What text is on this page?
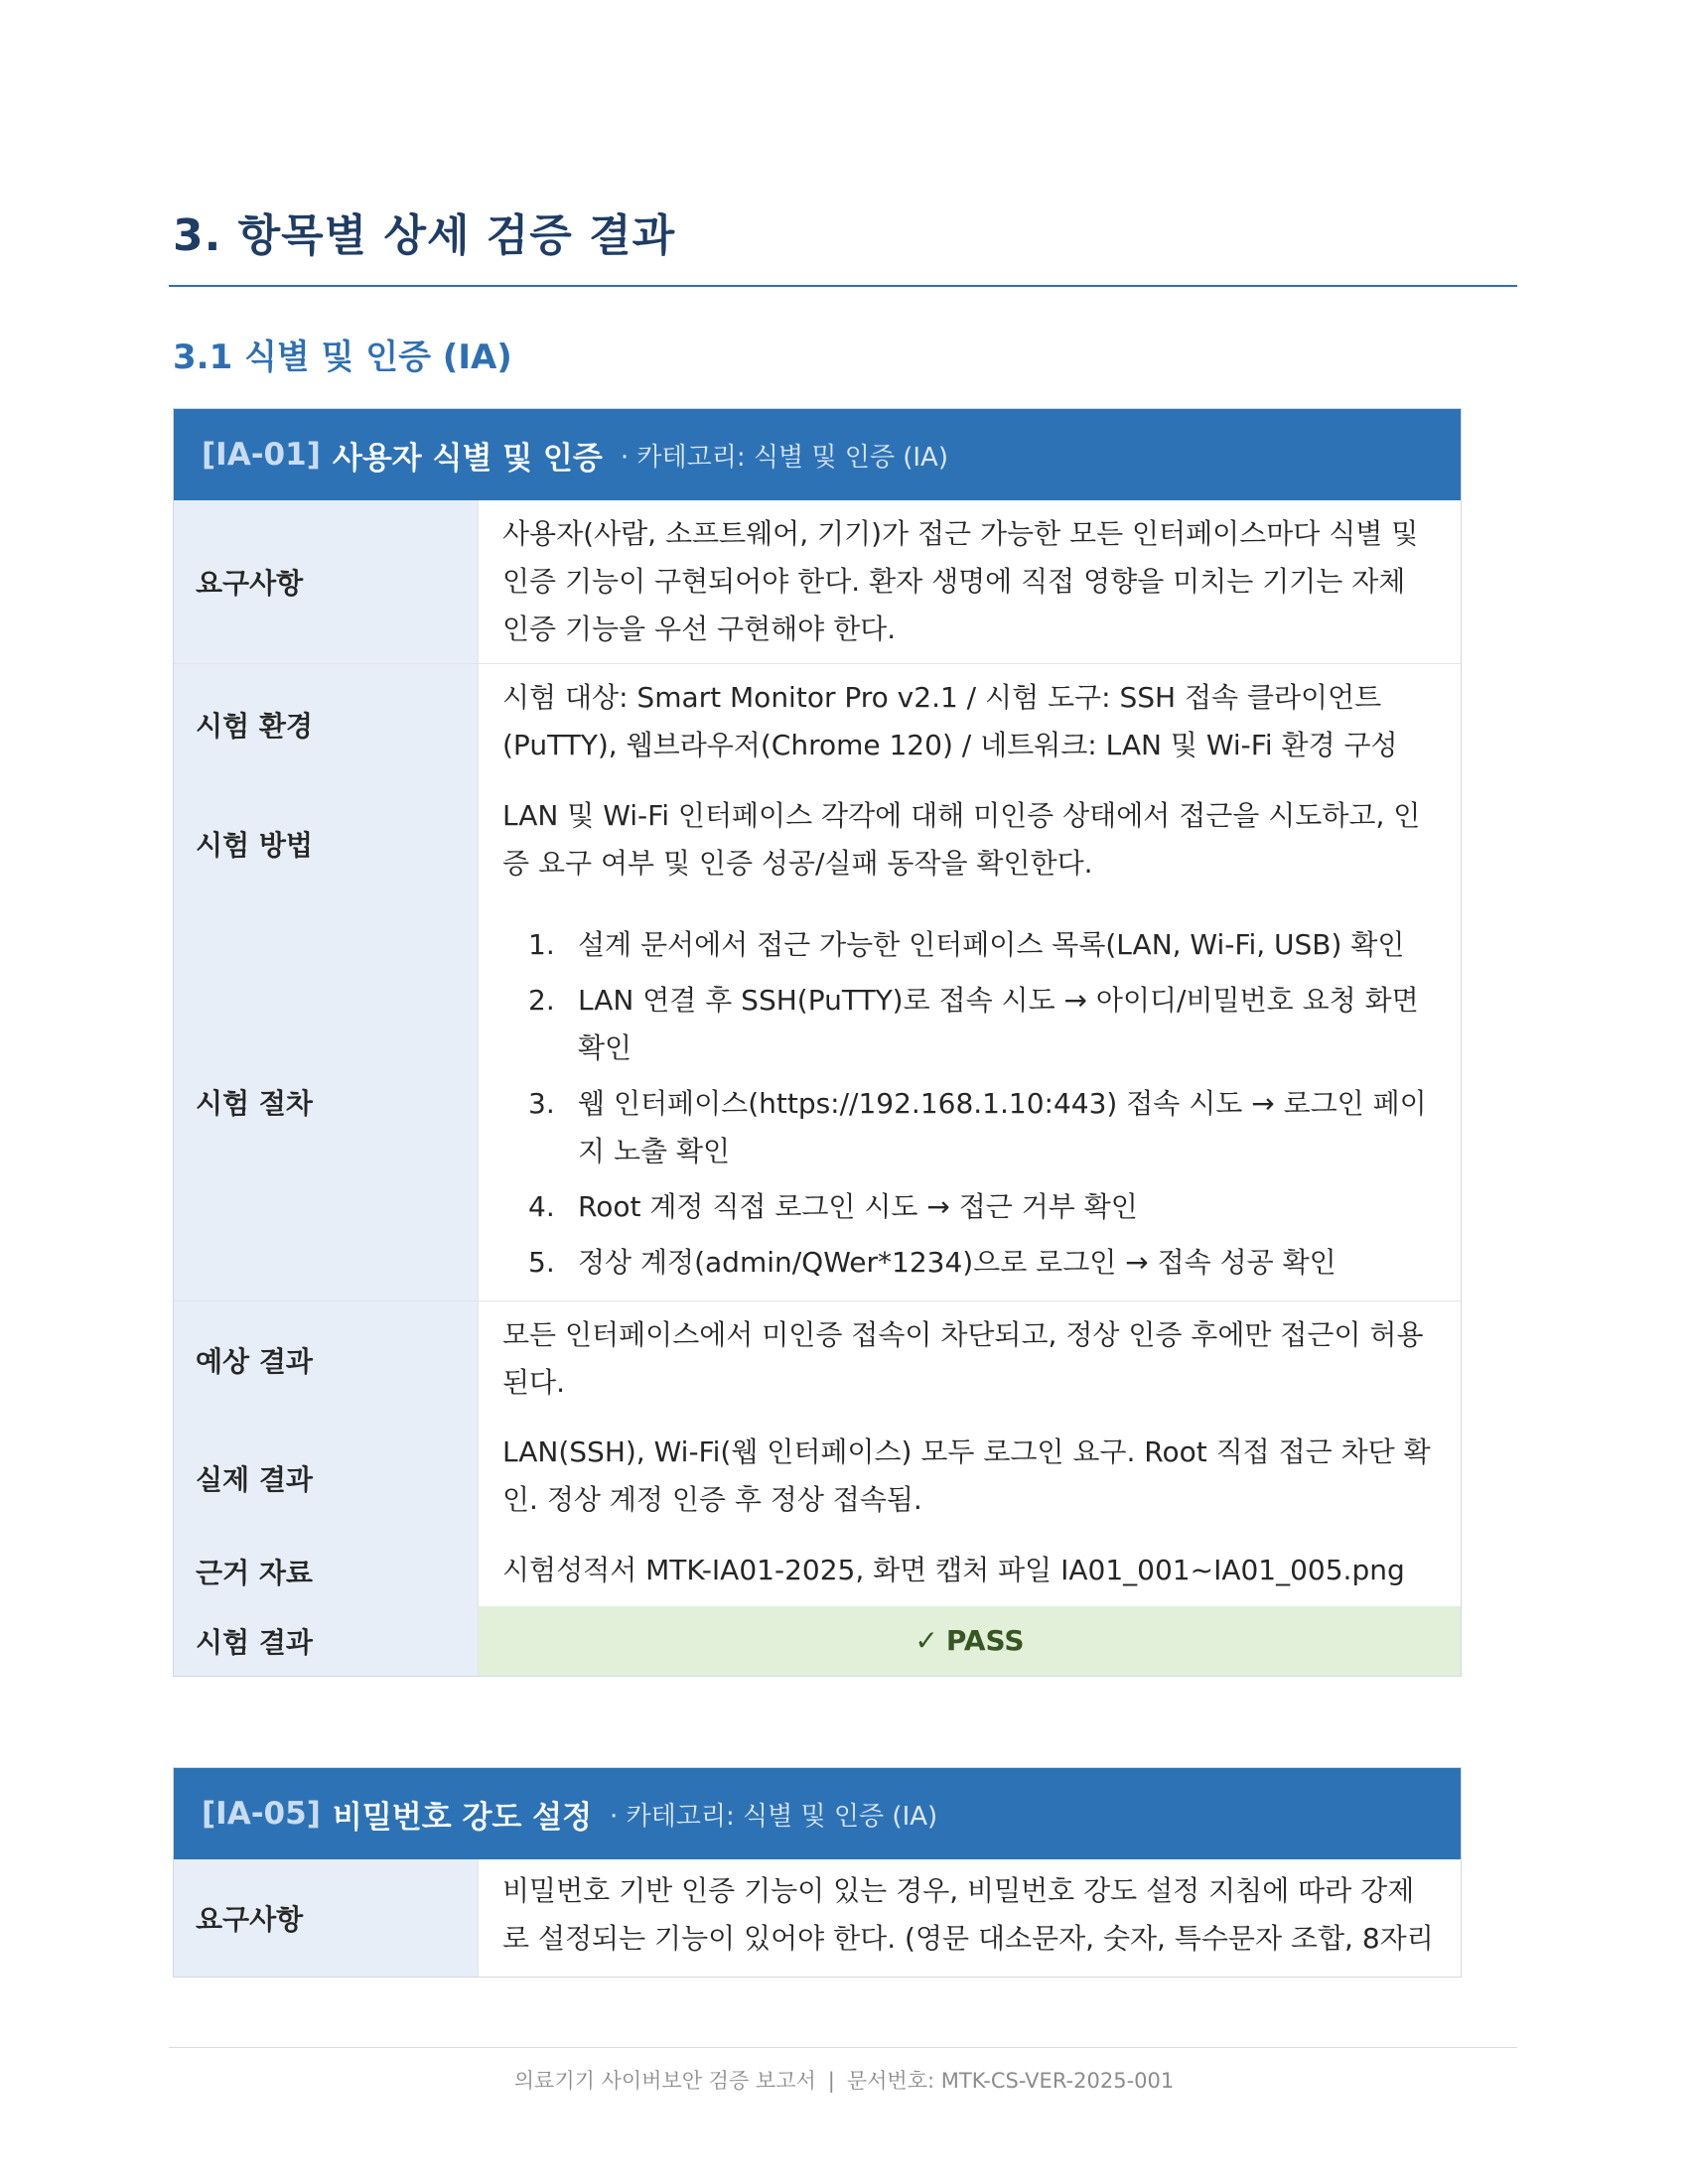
3. 항목별 상세 검증 결과
3.1 식별 및 인증 (IA)
[IA-01] 사용자 식별 및 인증 · 카테고리: 식별 및 인증 (IA)
요구사항
사용자(사람, 소프트웨어, 기기)가 접근 가능한 모든 인터페이스마다 식별 및 인증 기능이 구현되어야 한다. 환자 생명에 직접 영향을 미치는 기기는 자체 인증 기능을 우선 구현해야 한다.
시험 환경
시험 대상: Smart Monitor Pro v2.1 / 시험 도구: SSH 접속 클라이언트(PuTTY), 웹브라우저(Chrome 120) / 네트워크: LAN 및 Wi-Fi 환경 구성
시험 방법
LAN 및 Wi-Fi 인터페이스 각각에 대해 미인증 상태에서 접근을 시도하고, 인증 요구 여부 및 인증 성공/실패 동작을 확인한다.
시험 절차
1. 설계 문서에서 접근 가능한 인터페이스 목록(LAN, Wi-Fi, USB) 확인
2. LAN 연결 후 SSH(PuTTY)로 접속 시도 → 아이디/비밀번호 요청 화면 확인
3. 웹 인터페이스(https://192.168.1.10:443) 접속 시도 → 로그인 페이지 노출 확인
4. Root 계정 직접 로그인 시도 → 접근 거부 확인
5. 정상 계정(admin/QWer*1234)으로 로그인 → 접속 성공 확인
예상 결과
모든 인터페이스에서 미인증 접속이 차단되고, 정상 인증 후에만 접근이 허용된다.
실제 결과
LAN(SSH), Wi-Fi(웹 인터페이스) 모두 로그인 요구. Root 직접 접근 차단 확인. 정상 계정 인증 후 정상 접속됨.
근거 자료	시험성적서 MTK-IA01-2025, 화면 캡처 파일 IA01_001~IA01_005.png
시험 결과	✓ PASS
[IA-05] 비밀번호 강도 설정 · 카테고리: 식별 및 인증 (IA)
요구사항
비밀번호 기반 인증 기능이 있는 경우, 비밀번호 강도 설정 지침에 따라 강제로 설정되는 기능이 있어야 한다. (영문 대소문자, 숫자, 특수문자 조합, 8자리
의료기기 사이버보안 검증 보고서 | 문서번호: MTK-CS-VER-2025-001
